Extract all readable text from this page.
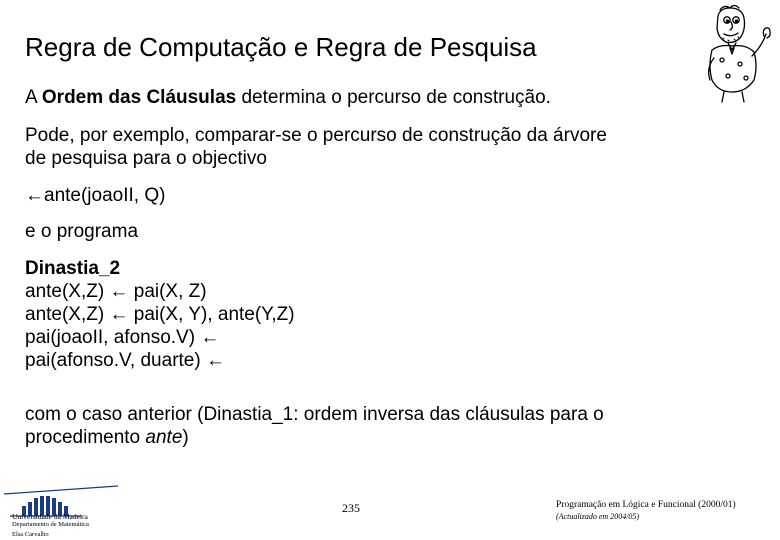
Regra de Computação e Regra de Pesquisa

A Ordem das Cláusulas determina o percurso de construção.

Pode, por exemplo, comparar-se o percurso de construção da árvore
de pesquisa para o objectivo

←ante(joaoII, Q)

e o programa

Dinastia_2
ante(X,Z) ← pai(X, Z)
ante(X,Z) ← pai(X, Y), ante(Y,Z)
pai(joaoII, afonso.V) ←
pai(afonso.V, duarte) ←

com o caso anterior (Dinastia_1: ordem inversa das cláusulas para o
procedimento ante)

Universidade da Madeira

Departamento de Matemática

Elsa Carvalho

235	Programação em Lógica e Funcional (2000/01)

(Actualizado em 2004/05)
